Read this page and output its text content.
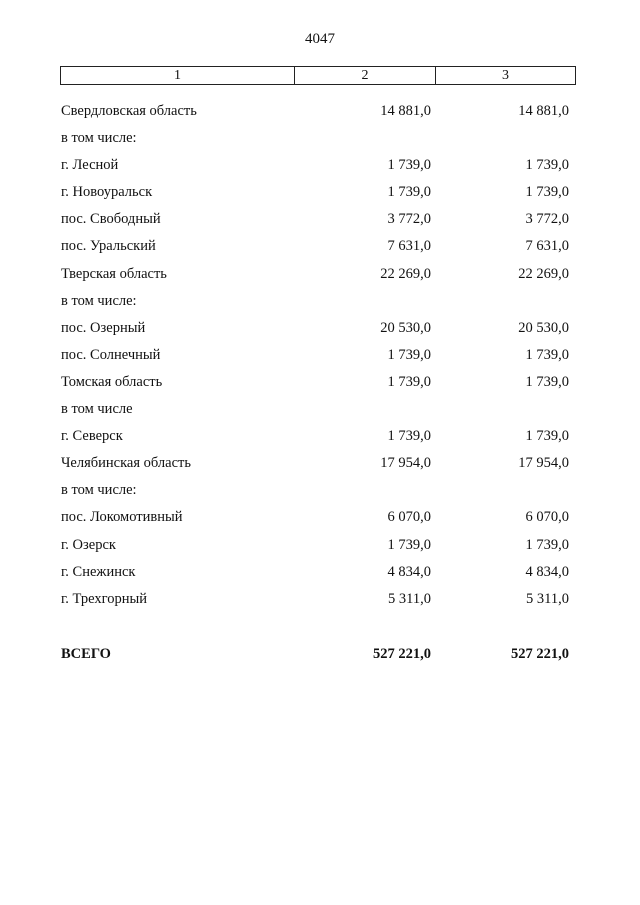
4047
1	2	3
Свердловская область	14 881,0	14 881,0
в том числе:
г. Лесной	1 739,0	1 739,0
г. Новоуральск	1 739,0	1 739,0
пос. Свободный	3 772,0	3 772,0
пос. Уральский	7 631,0	7 631,0
Тверская область	22 269,0	22 269,0
в том числе:
пос. Озерный	20 530,0	20 530,0
пос. Солнечный	1 739,0	1 739,0
Томская область	1 739,0	1 739,0
в том числе
г. Северск	1 739,0	1 739,0
Челябинская область	17 954,0	17 954,0
в том числе:
пос. Локомотивный	6 070,0	6 070,0
г. Озерск	1 739,0	1 739,0
г. Снежинск	4 834,0	4 834,0
г. Трехгорный	5 311,0	5 311,0
ВСЕГО	527 221,0	527 221,0
